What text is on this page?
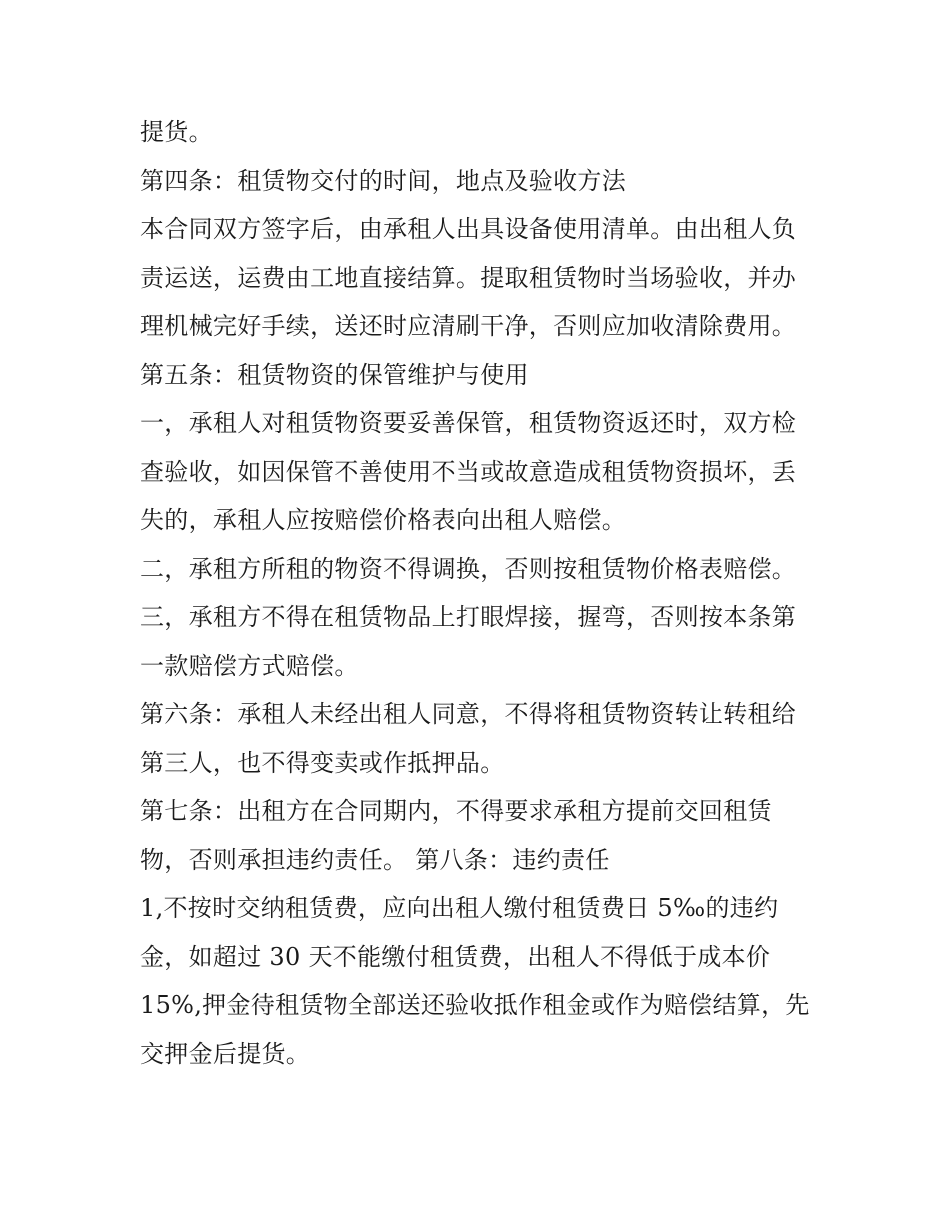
提货。
第四条：租赁物交付的时间，地点及验收方法
本合同双方签字后，由承租人出具设备使用清单。由出租人负
责运送，运费由工地直接结算。提取租赁物时当场验收，并办
理机械完好手续，送还时应清刷干净，否则应加收清除费用。
第五条：租赁物资的保管维护与使用
一，承租人对租赁物资要妥善保管，租赁物资返还时，双方检
查验收，如因保管不善使用不当或故意造成租赁物资损坏，丢
失的，承租人应按赔偿价格表向出租人赔偿。
二，承租方所租的物资不得调换，否则按租赁物价格表赔偿。
三，承租方不得在租赁物品上打眼焊接，握弯，否则按本条第
一款赔偿方式赔偿。
第六条：承租人未经出租人同意，不得将租赁物资转让转租给
第三人，也不得变卖或作抵押品。
第七条：出租方在合同期内，不得要求承租方提前交回租赁
物，否则承担违约责任。 第八条：违约责任
1,不按时交纳租赁费，应向出租人缴付租赁费日 5‰的违约
金，如超过 30 天不能缴付租赁费，出租人不得低于成本价
15%,押金待租赁物全部送还验收抵作租金或作为赔偿结算，先
交押金后提货。
